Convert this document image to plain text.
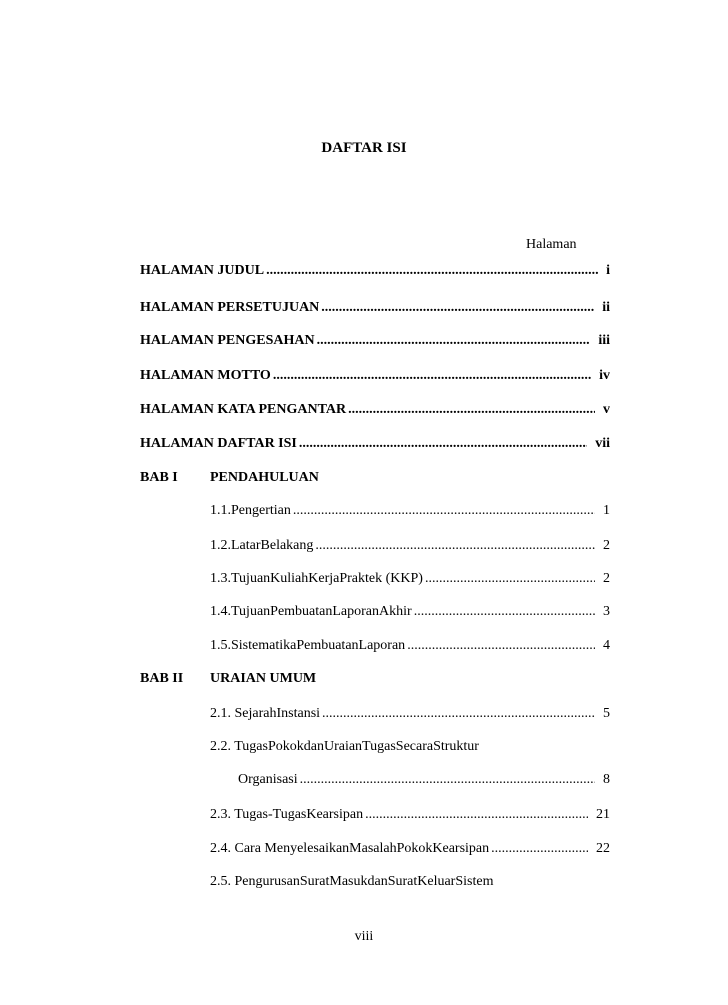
DAFTAR ISI
Halaman
HALAMAN JUDUL .....	i
HALAMAN PERSETUJUAN .....	ii
HALAMAN PENGESAHAN .....	iii
HALAMAN MOTTO .....	iv
HALAMAN KATA PENGANTAR .....	v
HALAMAN DAFTAR ISI .....	vii
BAB I PENDAHULUAN
1.1.Pengertian .....	1
1.2.LatarBelakang .....	2
1.3.TujuanKuliahKerjaPraktek (KKP) .....	2
1.4.TujuanPembuatanLaporanAkhir .....	3
1.5.SistematikaPembuatanLaporan .....	4
BAB II URAIAN UMUM
2.1. SejarahInstansi .....	5
2.2. TugasPokokdanUraianTugasSecaraStruktur
Organisasi .....	8
2.3. Tugas-TugasKearsipan .....	21
2.4. Cara MenyelesaikanMasalahPokokKearsipan .....	22
2.5. PengurusanSuratMasukdanSuratKeluarSistem
viii
